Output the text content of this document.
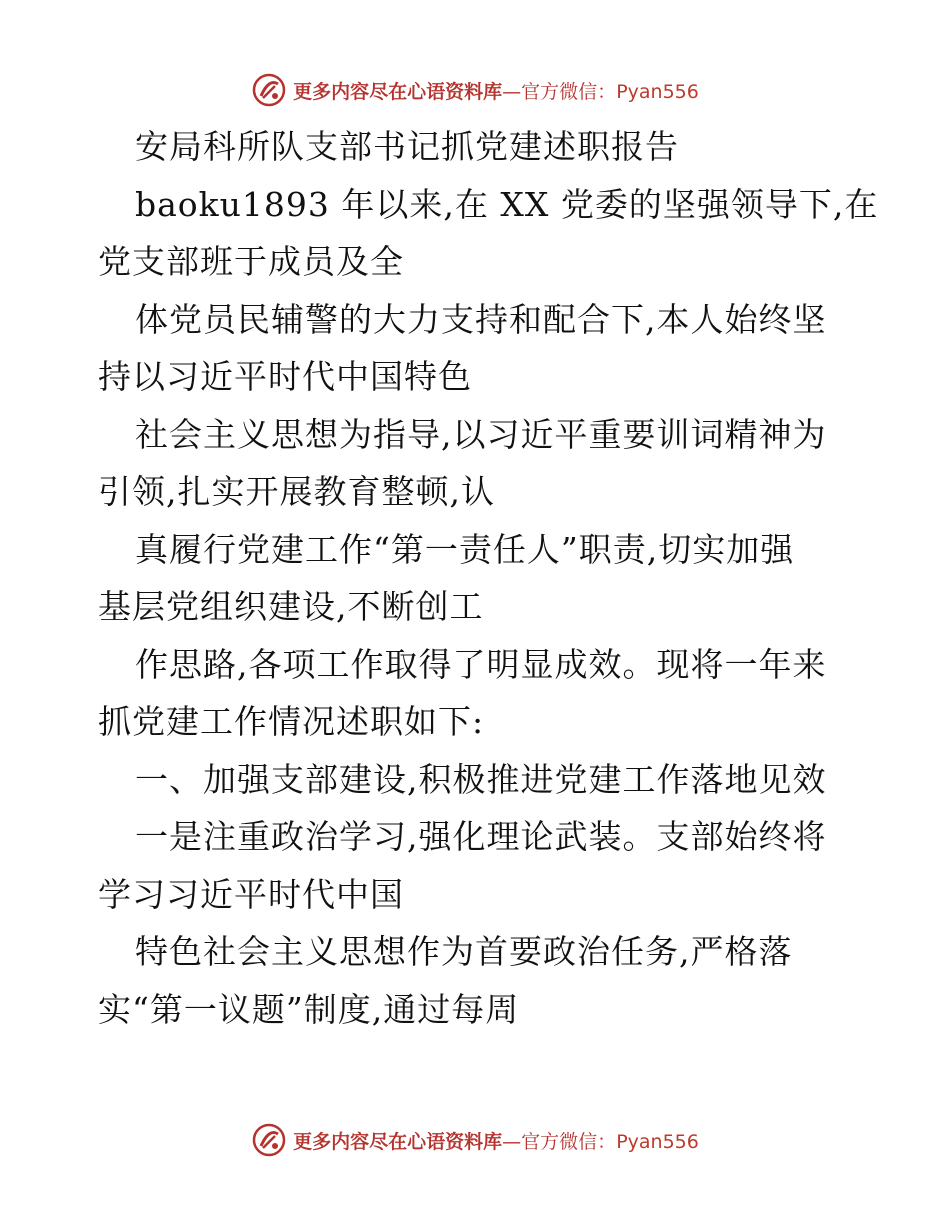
更多内容尽在心语资料库—官方微信：Pyan556
安局科所队支部书记抓党建述职报告
baoku1893 年以来,在 XX 党委的坚强领导下,在
党支部班于成员及全
体党员民辅警的大力支持和配合下,本人始终坚
持以习近平时代中国特色
社会主义思想为指导,以习近平重要训词精神为
引领,扎实开展教育整顿,认
真履行党建工作“第一责任人”职责,切实加强
基层党组织建设,不断创工
作思路,各项工作取得了明显成效。现将一年来
抓党建工作情况述职如下:
一、加强支部建设,积极推进党建工作落地见效
一是注重政治学习,强化理论武装。支部始终将
学习习近平时代中国
特色社会主义思想作为首要政治任务,严格落
实“第一议题”制度,通过每周
更多内容尽在心语资料库—官方微信：Pyan556
